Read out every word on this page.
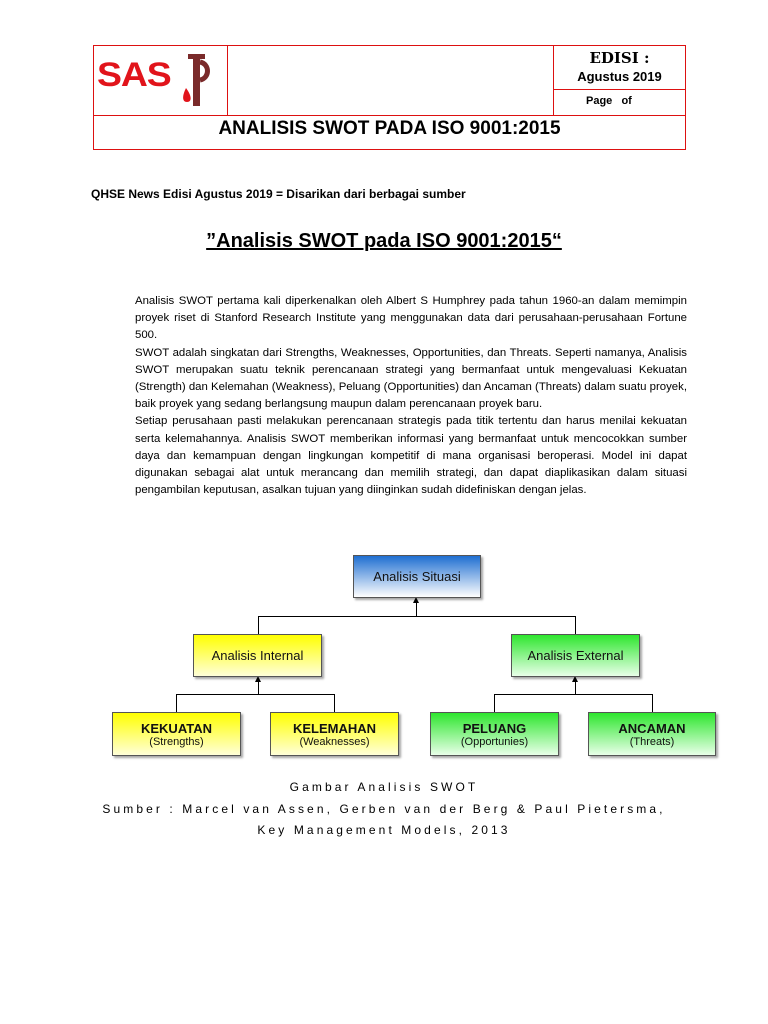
SAS	EDISI :
Agustus 2019
Page   of
ANALISIS SWOT PADA ISO 9001:2015
QHSE News Edisi Agustus 2019 = Disarikan dari berbagai sumber
”Analisis SWOT pada ISO 9001:2015“

Analisis SWOT pertama kali diperkenalkan oleh Albert S Humphrey pada tahun 1960-an dalam memimpin proyek riset di Stanford Research Institute yang menggunakan data dari perusahaan-perusahaan Fortune 500.

SWOT adalah singkatan dari Strengths, Weaknesses, Opportunities, dan Threats. Seperti namanya, Analisis SWOT merupakan suatu teknik perencanaan strategi yang bermanfaat untuk mengevaluasi Kekuatan (Strength) dan Kelemahan (Weakness), Peluang (Opportunities) dan Ancaman (Threats) dalam suatu proyek, baik proyek yang sedang berlangsung maupun dalam perencanaan proyek baru.

Setiap perusahaan pasti melakukan perencanaan strategis pada titik tertentu dan harus menilai kekuatan serta kelemahannya. Analisis SWOT memberikan informasi yang bermanfaat untuk mencocokkan sumber daya dan kemampuan dengan lingkungan kompetitif di mana organisasi beroperasi. Model ini dapat digunakan sebagai alat untuk merancang dan memilih strategi, dan dapat diaplikasikan dalam situasi pengambilan keputusan, asalkan tujuan yang diinginkan sudah didefiniskan dengan jelas.

Analisis Situasi
Analisis Internal	Analisis External
KEKUATAN
(Strengths)
KELEMAHAN
(Weaknesses)
PELUANG
(Opportunies)
ANCAMAN
(Threats)
Gambar Analisis SWOT
Sumber : Marcel van Assen, Gerben van der Berg & Paul Pietersma,
Key Management Models, 2013
